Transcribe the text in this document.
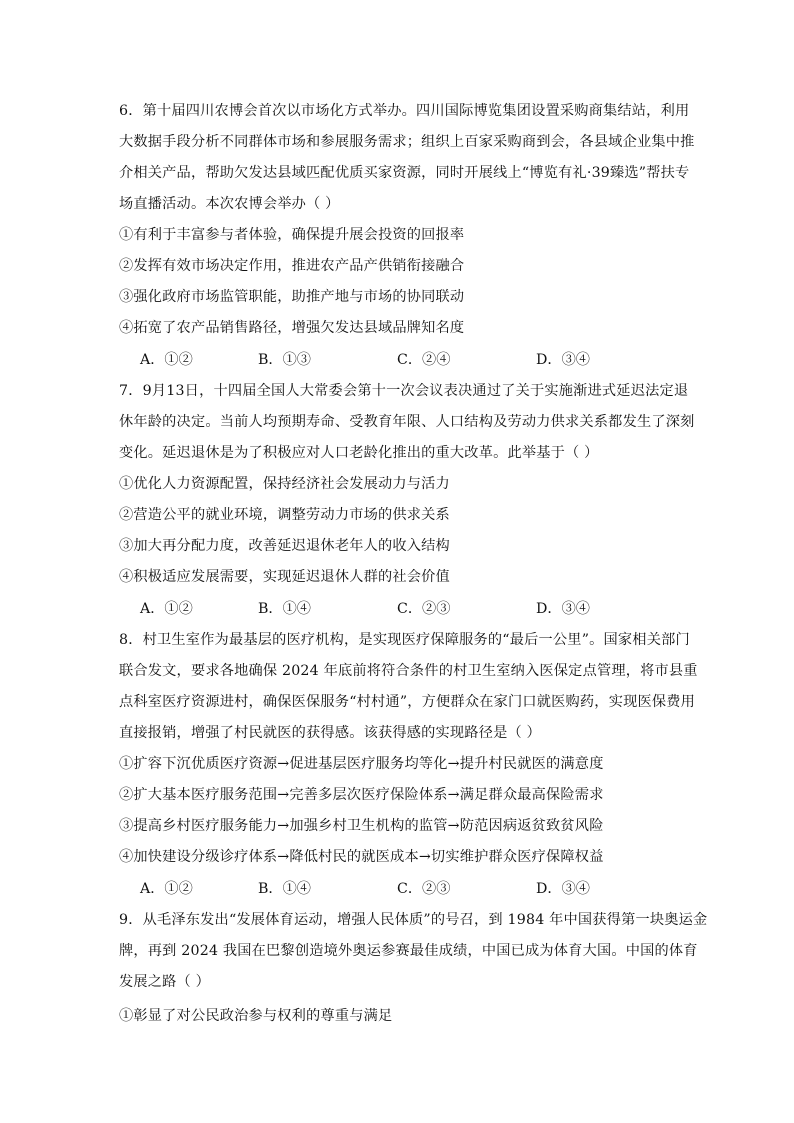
6．第十届四川农博会首次以市场化方式举办。四川国际博览集团设置采购商集结站，利用
大数据手段分析不同群体市场和参展服务需求；组织上百家采购商到会，各县域企业集中推
介相关产品，帮助欠发达县域匹配优质买家资源，同时开展线上“博览有礼·39臻选”帮扶专
场直播活动。本次农博会举办（ ）
①有利于丰富参与者体验，确保提升展会投资的回报率
②发挥有效市场决定作用，推进农产品产供销衔接融合
③强化政府市场监管职能，助推产地与市场的协同联动
④拓宽了农产品销售路径，增强欠发达县域品牌知名度
A．①②	B．①③	C．②④	D．③④
7．9月13日，十四届全国人大常委会第十一次会议表决通过了关于实施渐进式延迟法定退
休年龄的决定。当前人均预期寿命、受教育年限、人口结构及劳动力供求关系都发生了深刻
变化。延迟退休是为了积极应对人口老龄化推出的重大改革。此举基于（ ）
①优化人力资源配置，保持经济社会发展动力与活力
②营造公平的就业环境，调整劳动力市场的供求关系
③加大再分配力度，改善延迟退休老年人的收入结构
④积极适应发展需要，实现延迟退休人群的社会价值
A．①②	B．①④	C．②③	D．③④
8．村卫生室作为最基层的医疗机构，是实现医疗保障服务的“最后一公里”。国家相关部门
联合发文，要求各地确保 2024 年底前将符合条件的村卫生室纳入医保定点管理，将市县重
点科室医疗资源进村，确保医保服务“村村通”，方便群众在家门口就医购药，实现医保费用
直接报销，增强了村民就医的获得感。该获得感的实现路径是（ ）
①扩容下沉优质医疗资源→促进基层医疗服务均等化→提升村民就医的满意度
②扩大基本医疗服务范围→完善多层次医疗保险体系→满足群众最高保险需求
③提高乡村医疗服务能力→加强乡村卫生机构的监管→防范因病返贫致贫风险
④加快建设分级诊疗体系→降低村民的就医成本→切实维护群众医疗保障权益
A．①②	B．①④	C．②③	D．③④
9．从毛泽东发出“发展体育运动，增强人民体质”的号召，到 1984 年中国获得第一块奥运金
牌，再到 2024 我国在巴黎创造境外奥运参赛最佳成绩，中国已成为体育大国。中国的体育
发展之路（ ）
①彰显了对公民政治参与权利的尊重与满足
